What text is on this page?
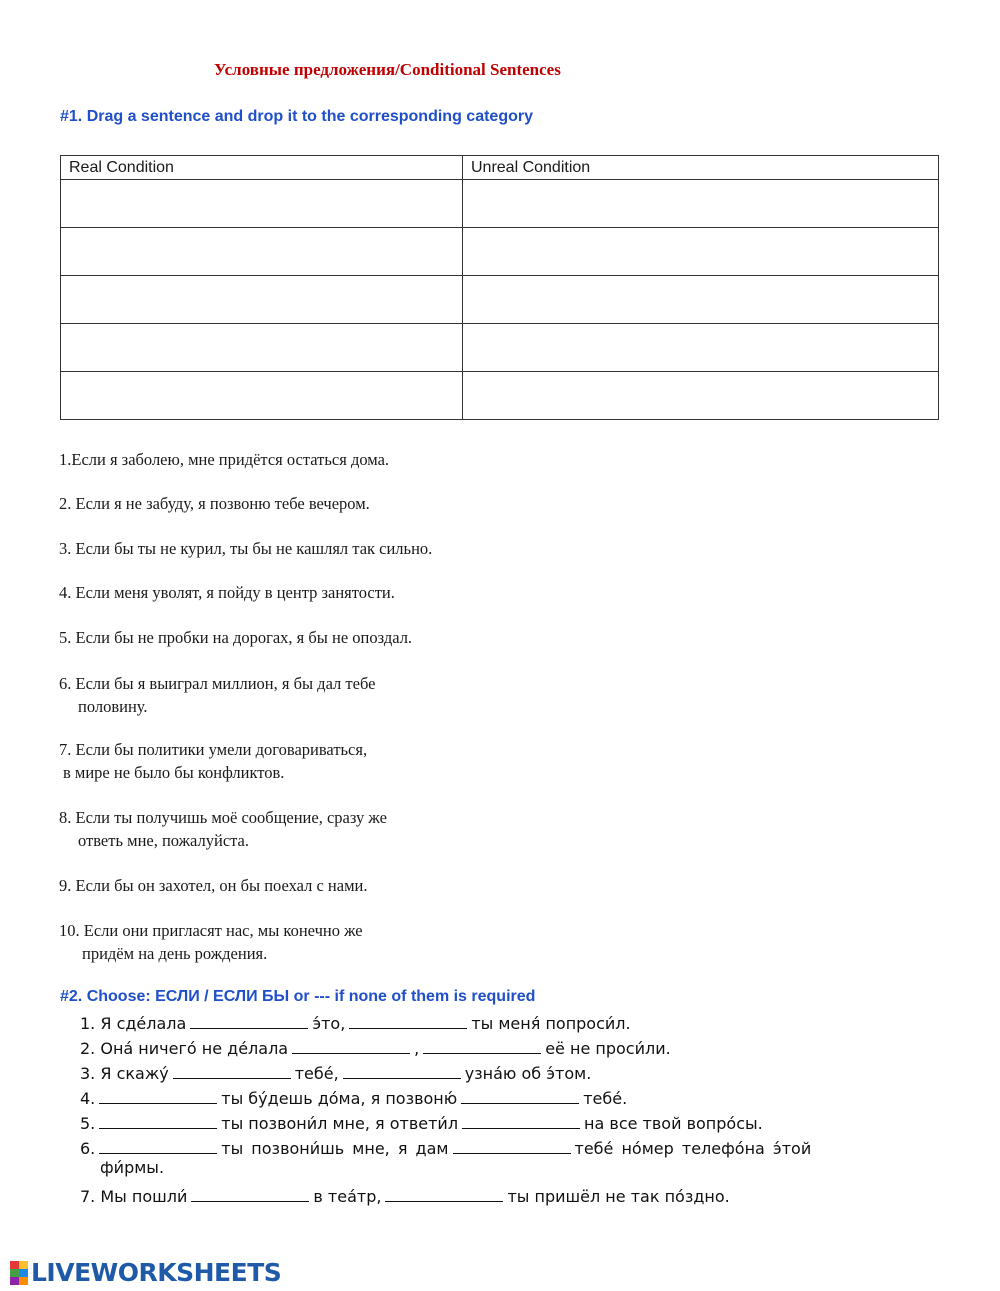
Условные предложения/Conditional Sentences
#1. Drag a sentence and drop it to the corresponding category
Real Condition	Unreal Condition

1.Если я заболею, мне придётся остаться дома.
2. Если я не забуду, я позвоню тебе вечером.
3. Если бы ты не курил, ты бы не кашлял так сильно.
4. Если меня уволят, я пойду в центр занятости.
5. Если бы не пробки на дорогах, я бы не опоздал.
6. Если бы я выиграл миллион, я бы дал тебе
половину.
7. Если бы политики умели договариваться,
в мире не было бы конфликтов.
8. Если ты получишь моё сообщение, сразу же
ответь мне, пожалуйста.
9. Если бы он захотел, он бы поехал с нами.
10. Если они пригласят нас, мы конечно же
придём на день рождения.
#2. Choose: ЕСЛИ / ЕСЛИ БЫ or --- if none of them is required
1. Я сде́лала	э́то,	ты меня́ попроси́л.
2. Она́ ничего́ не де́лала	,	её не проси́ли.
3. Я скажу́	тебе́,	узна́ю об э́том.
4.	ты бу́дешь до́ма, я позвоню́	тебе́.
5.	ты позвони́л мне, я ответи́л	на все твой вопро́сы.
6.	ты позвони́шь мне, я дам	тебе́ но́мер телефо́на э́той
фи́рмы.
7. Мы пошли́	в теа́тр,	ты пришёл не так по́здно.
LIVEWORKSHEETS
